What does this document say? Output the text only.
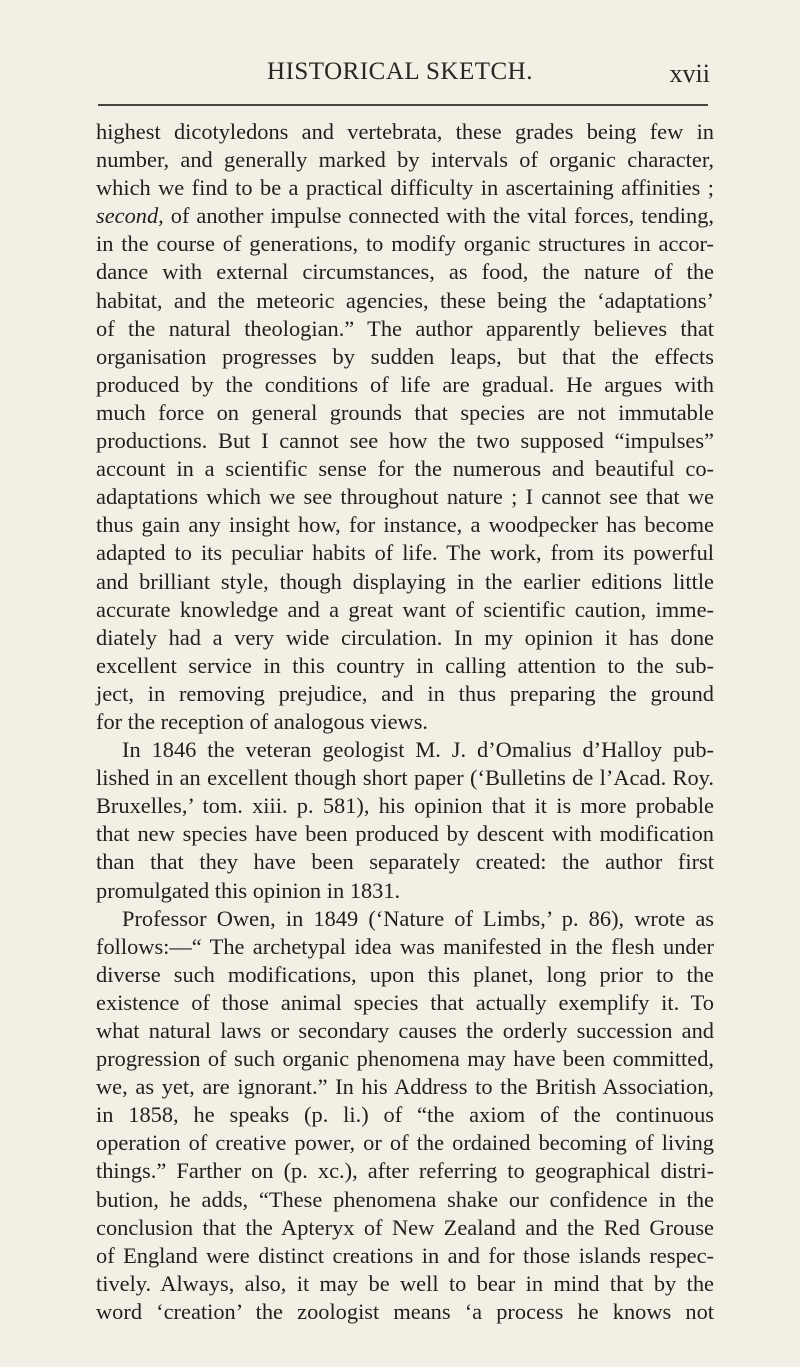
HISTORICAL SKETCH.	xvii
highest dicotyledons and vertebrata, these grades being few in
number, and generally marked by intervals of organic character,
which we find to be a practical difficulty in ascertaining affinities ;
second, of another impulse connected with the vital forces, tending,
in the course of generations, to modify organic structures in accor-
dance with external circumstances, as food, the nature of the
habitat, and the meteoric agencies, these being the ‘adaptations’
of the natural theologian.” The author apparently believes that
organisation progresses by sudden leaps, but that the effects
produced by the conditions of life are gradual. He argues with
much force on general grounds that species are not immutable
productions. But I cannot see how the two supposed “impulses”
account in a scientific sense for the numerous and beautiful co-
adaptations which we see throughout nature ; I cannot see that we
thus gain any insight how, for instance, a woodpecker has become
adapted to its peculiar habits of life. The work, from its powerful
and brilliant style, though displaying in the earlier editions little
accurate knowledge and a great want of scientific caution, imme-
diately had a very wide circulation. In my opinion it has done
excellent service in this country in calling attention to the sub-
ject, in removing prejudice, and in thus preparing the ground
for the reception of analogous views.
In 1846 the veteran geologist M. J. d’Omalius d’Halloy pub-
lished in an excellent though short paper (‘Bulletins de l’Acad. Roy.
Bruxelles,’ tom. xiii. p. 581), his opinion that it is more probable
that new species have been produced by descent with modification
than that they have been separately created: the author first
promulgated this opinion in 1831.
Professor Owen, in 1849 (‘Nature of Limbs,’ p. 86), wrote as
follows:—“ The archetypal idea was manifested in the flesh under
diverse such modifications, upon this planet, long prior to the
existence of those animal species that actually exemplify it. To
what natural laws or secondary causes the orderly succession and
progression of such organic phenomena may have been committed,
we, as yet, are ignorant.” In his Address to the British Association,
in 1858, he speaks (p. li.) of “the axiom of the continuous
operation of creative power, or of the ordained becoming of living
things.” Farther on (p. xc.), after referring to geographical distri-
bution, he adds, “These phenomena shake our confidence in the
conclusion that the Apteryx of New Zealand and the Red Grouse
of England were distinct creations in and for those islands respec-
tively. Always, also, it may be well to bear in mind that by the
word ‘creation’ the zoologist means ‘a process he knows not
